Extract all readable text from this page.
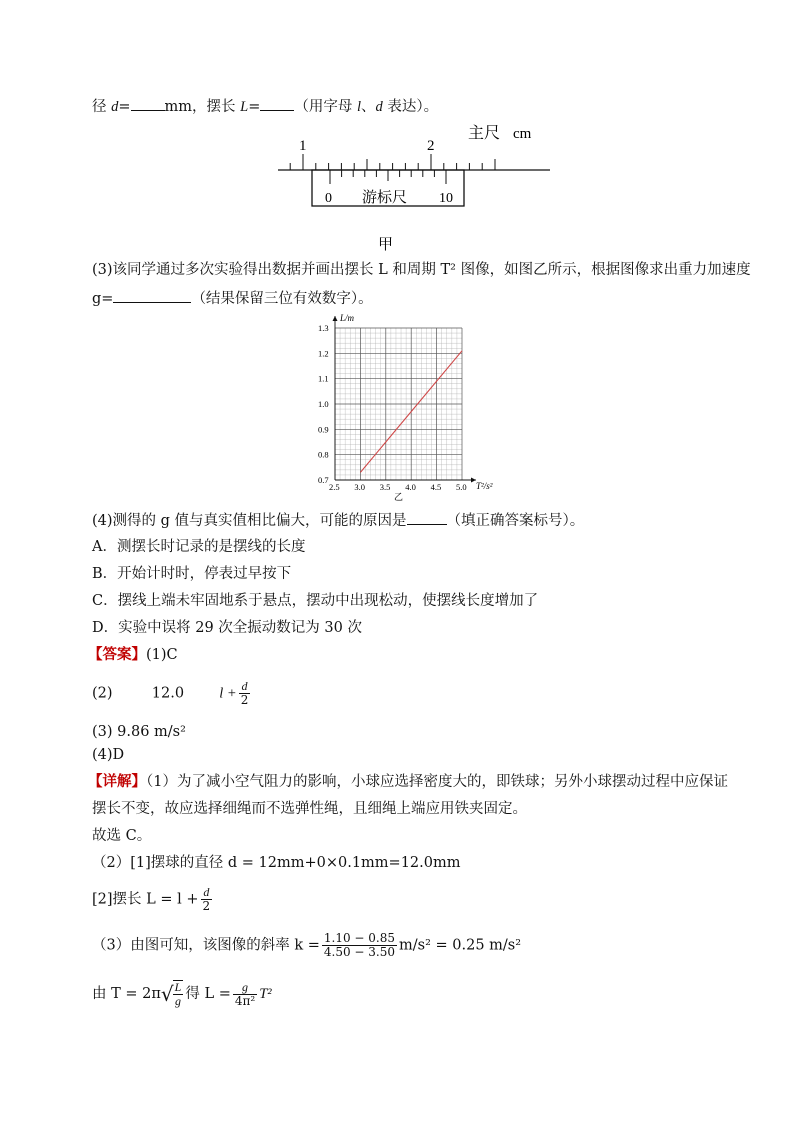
径 d= mm，摆长 L= （用字母 l、d 表达）。
主尺 cm
1	2
0 游标尺 10
甲
(3)该同学通过多次实验得出数据并画出摆长 L 和周期 T² 图像，如图乙所示，根据图像求出重力加速度
g=	（结果保留三位有效数字）。
2.5 3.0 3.5 4.0 4.5 5.0
0.7
0.8
0.9
1.0
1.1
1.2
1.3
L/m
T²/s²
乙
(4)测得的 g 值与真实值相比偏大，可能的原因是	（填正确答案标号）。
A．测摆长时记录的是摆线的长度
B．开始计时时，停表过早按下
C．摆线上端未牢固地系于悬点，摆动中出现松动，使摆线长度增加了
D．实验中误将 29 次全振动数记为 30 次
【答案】(1)C
(2)	12.0 $l + \frac{d}{2}$
(3) 9.86 m/s²
(4)D
【详解】（1）为了减小空气阻力的影响，小球应选择密度大的，即铁球；另外小球摆动过程中应保证
摆长不变，故应选择细绳而不选弹性绳，且细绳上端应用铁夹固定。
故选 C。
（2）[1]摆球的直径 d = 12mm+0×0.1mm=12.0mm
[2]摆长 $L = l + \frac{d}{2}$
（3）由图可知，该图像的斜率 $k = \frac{1.10 - 0.85}{4.50 - 3.50} m/s^2 = 0.25$ m/s²
由 $T = 2\pi√ \frac{L}{g}$ 得 $L = \frac{g}{\text{4π²}} T^2$
